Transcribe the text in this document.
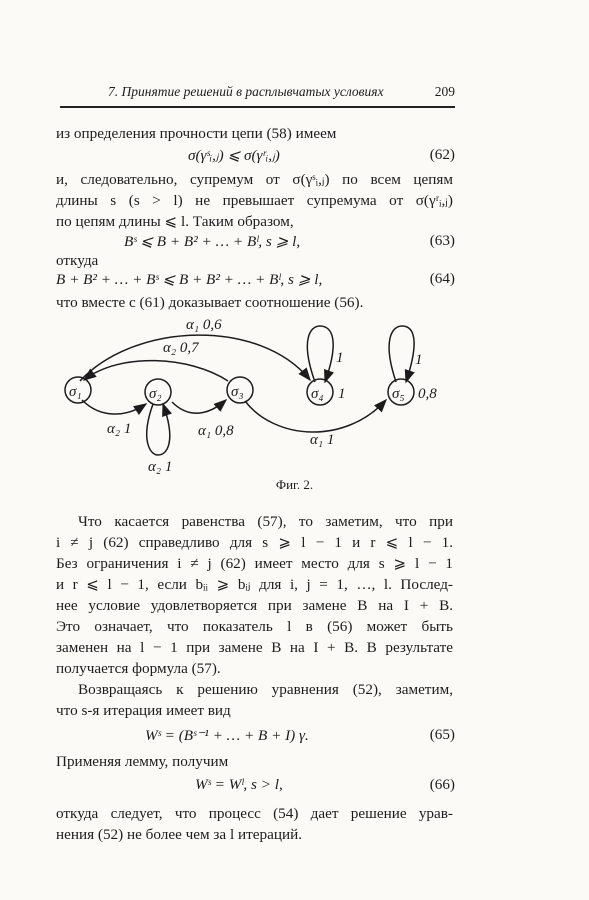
7. Принятие решений в расплывчатых условиях	209
из определения прочности цепи (58) имеем
σ(γˢᵢ,ⱼ) ⩽ σ(γʳᵢ,ⱼ)	(62)
и, следовательно, супремум от σ(γˢᵢ,ⱼ) по всем цепям
длины s (s > l) не превышает супремума от σ(γʳᵢ,ⱼ)
по цепям длины ⩽ l. Таким образом,
Bˢ ⩽ B + B² + … + Bˡ, s ⩾ l,	(63)
откуда
B + B² + … + Bˢ ⩽ B + B² + … + Bˡ, s ⩾ l,	(64)
что вместе с (61) доказывает соотношение (56).
σ₁	σ₂	σ₃	σ₄	σ₅
1	0,8
α₁ 0,6
α₂ 0,7
α₂ 1	α₁ 0,8
α₂ 1
α₁ 1
1	1
Фиг. 2.
Что касается равенства (57), то заметим, что при
i ≠ j (62) справедливо для s ⩾ l − 1 и r ⩽ l − 1.
Без ограничения i ≠ j (62) имеет место для s ⩾ l − 1
и r ⩽ l − 1, если bᵢᵢ ⩾ bᵢⱼ для i, j = 1, …, l. Послед-
нее условие удовлетворяется при замене B на I + B.
Это означает, что показатель l в (56) может быть
заменен на l − 1 при замене B на I + B. В результате
получается формула (57).
Возвращаясь к решению уравнения (52), заметим,
что s-я итерация имеет вид
Wˢ = (Bˢ⁻¹ + … + B + I) γ.	(65)
Применяя лемму, получим
Wˢ = Wˡ, s > l,	(66)
откуда следует, что процесс (54) дает решение урав-
нения (52) не более чем за l итераций.
